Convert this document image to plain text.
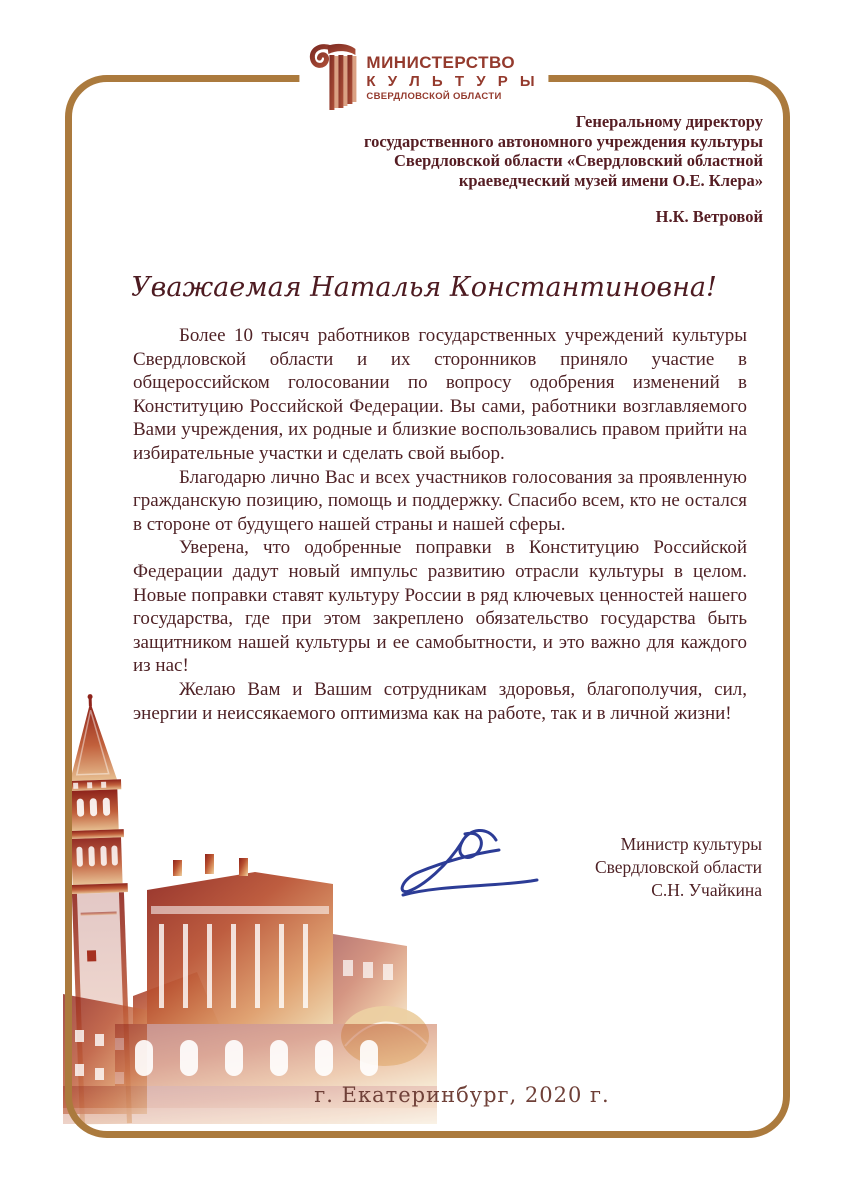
МИНИСТЕРСТВО
К У Л Ь Т У Р Ы
СВЕРДЛОВСКОЙ ОБЛАСТИ
Генеральному директору
государственного автономного учреждения культуры
Свердловской области «Свердловский областной
краеведческий музей имени О.Е. Клера»
Н.К. Ветровой
Уважаемая Наталья Константиновна!

Более 10 тысяч работников государственных учреждений культуры Свердловской области и их сторонников приняло участие в общероссийском голосовании по вопросу одобрения изменений в Конституцию Российской Федерации. Вы сами, работники возглавляемого Вами учреждения, их родные и близкие воспользовались правом прийти на избирательные участки и сделать свой выбор.

Благодарю лично Вас и всех участников голосования за проявленную гражданскую позицию, помощь и поддержку. Спасибо всем, кто не остался в стороне от будущего нашей страны и нашей сферы.

Уверена, что одобренные поправки в Конституцию Российской Федерации дадут новый импульс развитию отрасли культуры в целом. Новые поправки ставят культуру России в ряд ключевых ценностей нашего государства, где при этом закреплено обязательство государства быть защитником нашей культуры и ее самобытности, и это важно для каждого из нас!

Желаю Вам и Вашим сотрудникам здоровья, благополучия, сил, энергии и неиссякаемого оптимизма как на работе, так и в личной жизни!

Министр культуры
Свердловской области
С.Н. Учайкина
г. Екатеринбург, 2020 г.
